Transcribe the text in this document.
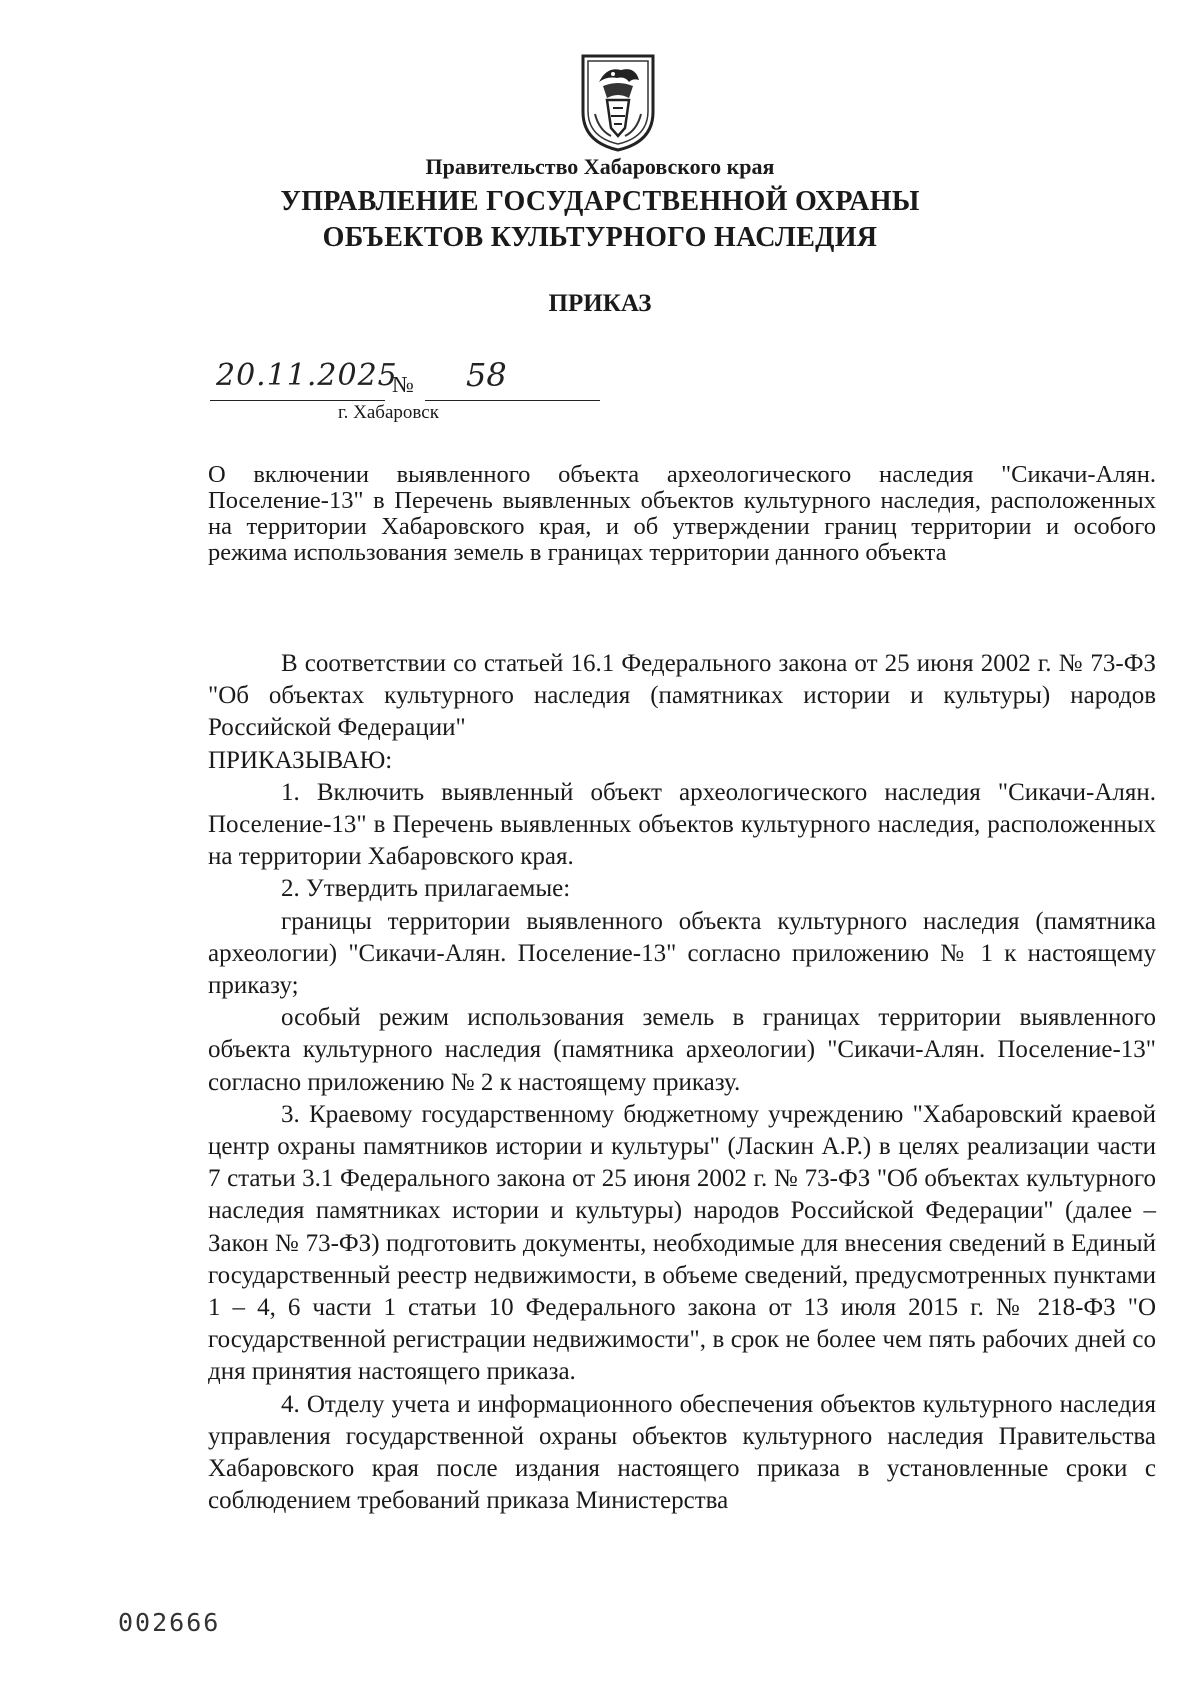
Правительство Хабаровского края
УПРАВЛЕНИЕ ГОСУДАРСТВЕННОЙ ОХРАНЫ
ОБЪЕКТОВ КУЛЬТУРНОГО НАСЛЕДИЯ
ПРИКАЗ
20.11.2025
№ 58
г. Хабаровск
О включении выявленного объекта археологического наследия "Сикачи-Алян. Поселение-13" в Перечень выявленных объектов культурного наследия, расположенных на территории Хабаровского края, и об утверждении границ территории и особого режима использования земель в границах территории данного объекта

В соответствии со статьей 16.1 Федерального закона от 25 июня 2002 г. № 73-ФЗ "Об объектах культурного наследия (памятниках истории и культуры) народов Российской Федерации"

ПРИКАЗЫВАЮ:

1. Включить выявленный объект археологического наследия "Сикачи-Алян. Поселение-13" в Перечень выявленных объектов культурного наследия, расположенных на территории Хабаровского края.

2. Утвердить прилагаемые:

границы территории выявленного объекта культурного наследия (памятника археологии) "Сикачи-Алян. Поселение-13" согласно приложению № 1 к настоящему приказу;

особый режим использования земель в границах территории выявленного объекта культурного наследия (памятника археологии) "Сикачи-Алян. Поселение-13" согласно приложению № 2 к настоящему приказу.

3. Краевому государственному бюджетному учреждению "Хабаровский краевой центр охраны памятников истории и культуры" (Ласкин А.Р.) в целях реализации части 7 статьи 3.1 Федерального закона от 25 июня 2002 г. № 73-ФЗ "Об объектах культурного наследия памятниках истории и культуры) народов Российской Федерации" (далее – Закон № 73-ФЗ) подготовить документы, необходимые для внесения сведений в Единый государственный реестр недвижимости, в объеме сведений, предусмотренных пунктами 1 – 4, 6 части 1 статьи 10 Федерального закона от 13 июля 2015 г. № 218-ФЗ "О государственной регистрации недвижимости", в срок не более чем пять рабочих дней со дня принятия настоящего приказа.

4. Отделу учета и информационного обеспечения объектов культурного наследия управления государственной охраны объектов культурного наследия Правительства Хабаровского края после издания настоящего приказа в установленные сроки с соблюдением требований приказа Министерства

002666
